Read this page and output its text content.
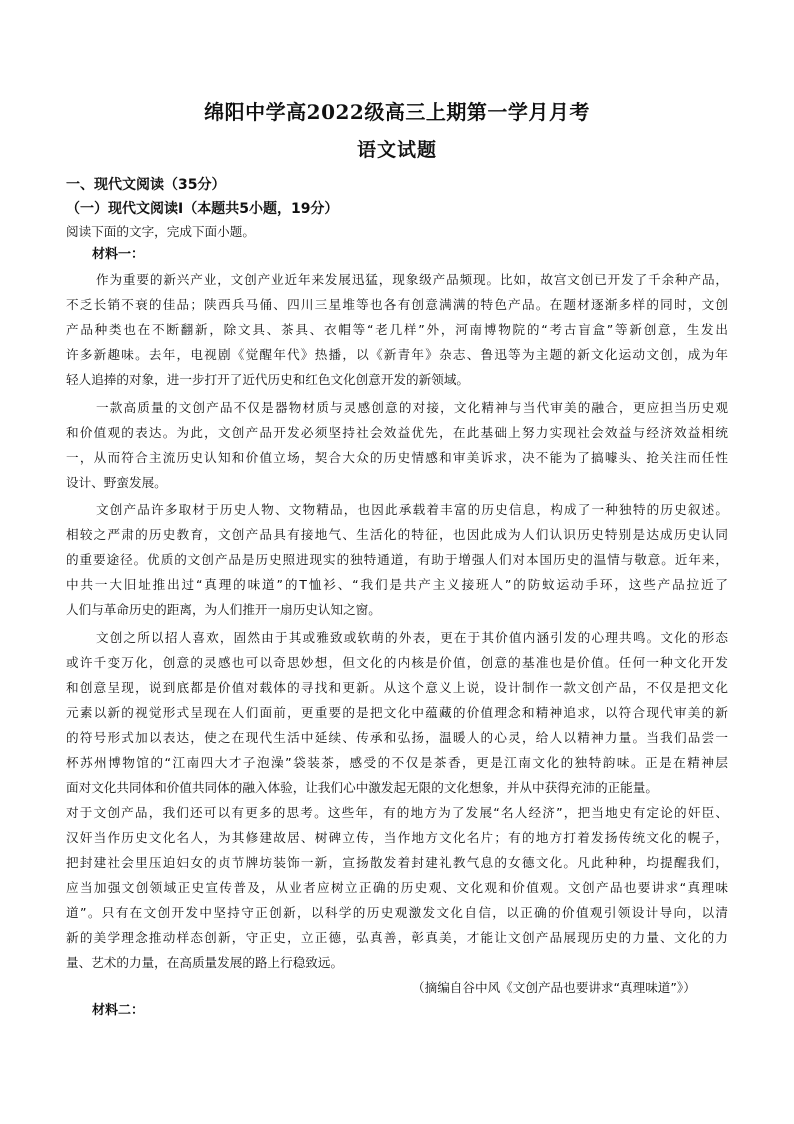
绵阳中学高2022级高三上期第一学月月考
语文试题
一、现代文阅读（35分）
（一）现代文阅读Ⅰ（本题共5小题，19分）
阅读下面的文字，完成下面小题。
材料一：
作为重要的新兴产业，文创产业近年来发展迅猛，现象级产品频现。比如，故宫文创已开发了千余种产品，
不乏长销不衰的佳品；陕西兵马俑、四川三星堆等也各有创意满满的特色产品。在题材逐渐多样的同时，文创
产品种类也在不断翻新，除文具、茶具、衣帽等“老几样”外，河南博物院的“考古盲盒”等新创意，生发出
许多新趣味。去年，电视剧《觉醒年代》热播，以《新青年》杂志、鲁迅等为主题的新文化运动文创，成为年
轻人追捧的对象，进一步打开了近代历史和红色文化创意开发的新领域。
一款高质量的文创产品不仅是器物材质与灵感创意的对接，文化精神与当代审美的融合，更应担当历史观
和价值观的表达。为此，文创产品开发必须坚持社会效益优先，在此基础上努力实现社会效益与经济效益相统
一，从而符合主流历史认知和价值立场，契合大众的历史情感和审美诉求，决不能为了搞噱头、抢关注而任性
设计、野蛮发展。
文创产品许多取材于历史人物、文物精品，也因此承载着丰富的历史信息，构成了一种独特的历史叙述。
相较之严肃的历史教育，文创产品具有接地气、生活化的特征，也因此成为人们认识历史特别是达成历史认同
的重要途径。优质的文创产品是历史照进现实的独特通道，有助于增强人们对本国历史的温情与敬意。近年来，
中共一大旧址推出过“真理的味道”的T恤衫、“我们是共产主义接班人”的防蚊运动手环，这些产品拉近了
人们与革命历史的距离，为人们推开一扇历史认知之窗。
文创之所以招人喜欢，固然由于其或雅致或软萌的外表，更在于其价值内涵引发的心理共鸣。文化的形态
或许千变万化，创意的灵感也可以奇思妙想，但文化的内核是价值，创意的基准也是价值。任何一种文化开发
和创意呈现，说到底都是价值对载体的寻找和更新。从这个意义上说，设计制作一款文创产品，不仅是把文化
元素以新的视觉形式呈现在人们面前，更重要的是把文化中蕴藏的价值理念和精神追求，以符合现代审美的新
的符号形式加以表达，使之在现代生活中延续、传承和弘扬，温暖人的心灵，给人以精神力量。当我们品尝一
杯苏州博物馆的“江南四大才子泡澡”袋装茶，感受的不仅是茶香，更是江南文化的独特韵味。正是在精神层
面对文化共同体和价值共同体的融入体验，让我们心中激发起无限的文化想象，并从中获得充沛的正能量。
对于文创产品，我们还可以有更多的思考。这些年，有的地方为了发展“名人经济”，把当地史有定论的奸臣、
汉奸当作历史文化名人，为其修建故居、树碑立传，当作地方文化名片；有的地方打着发扬传统文化的幌子，
把封建社会里压迫妇女的贞节牌坊装饰一新，宣扬散发着封建礼教气息的女德文化。凡此种种，均提醒我们，
应当加强文创领域正史宣传普及，从业者应树立正确的历史观、文化观和价值观。文创产品也要讲求“真理味
道”。只有在文创开发中坚持守正创新，以科学的历史观激发文化自信，以正确的价值观引领设计导向，以清
新的美学理念推动样态创新，守正史，立正德，弘真善，彰真美，才能让文创产品展现历史的力量、文化的力
量、艺术的力量，在高质量发展的路上行稳致远。
（摘编自谷中风《文创产品也要讲求“真理味道”》）
材料二：
